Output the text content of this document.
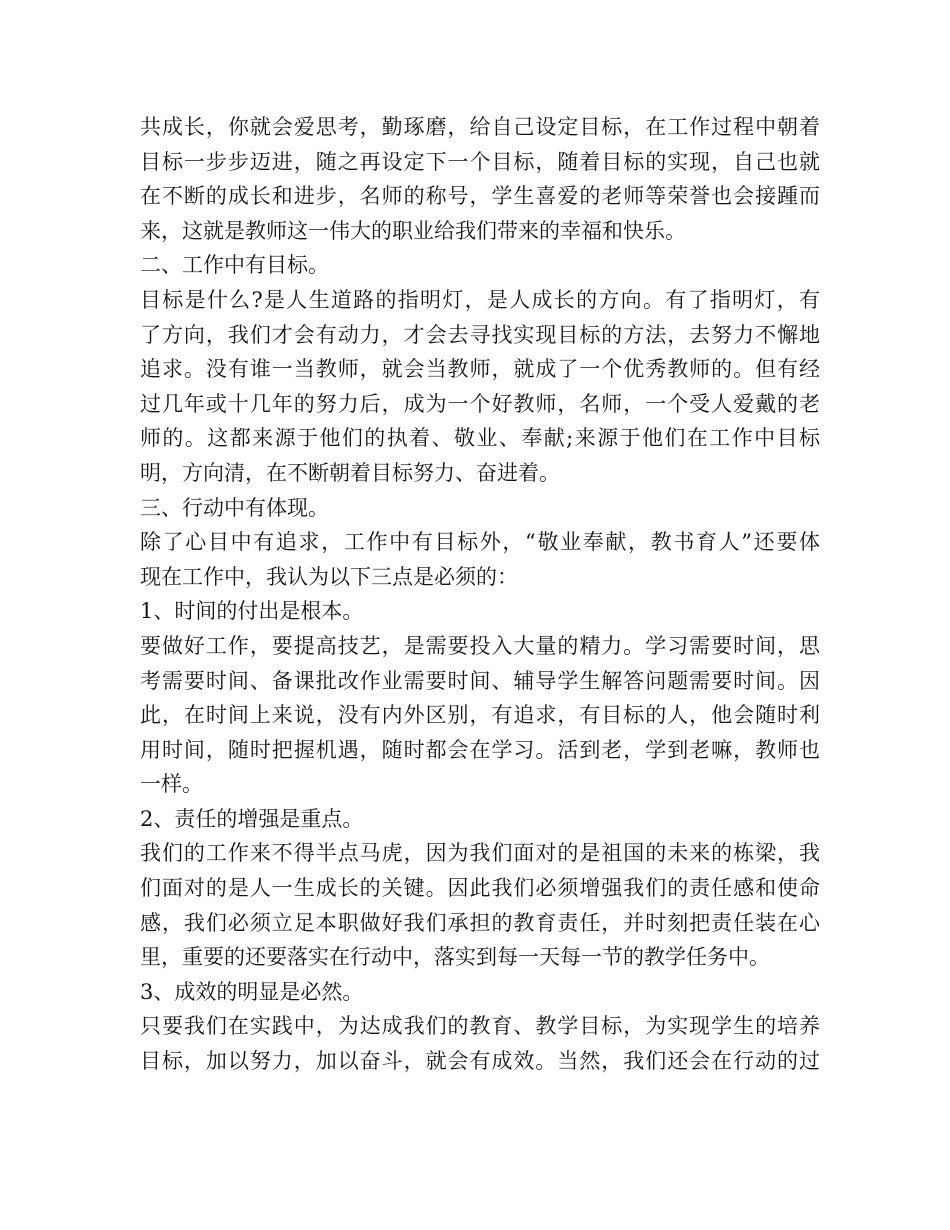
共成长，你就会爱思考，勤琢磨，给自己设定目标，在工作过程中朝着
目标一步步迈进，随之再设定下一个目标，随着目标的实现，自己也就
在不断的成长和进步，名师的称号，学生喜爱的老师等荣誉也会接踵而
来，这就是教师这一伟大的职业给我们带来的幸福和快乐。
二、工作中有目标。
目标是什么?是人生道路的指明灯，是人成长的方向。有了指明灯，有
了方向，我们才会有动力，才会去寻找实现目标的方法，去努力不懈地
追求。没有谁一当教师，就会当教师，就成了一个优秀教师的。但有经
过几年或十几年的努力后，成为一个好教师，名师，一个受人爱戴的老
师的。这都来源于他们的执着、敬业、奉献;来源于他们在工作中目标
明，方向清，在不断朝着目标努力、奋进着。
三、行动中有体现。
除了心目中有追求，工作中有目标外，“敬业奉献，教书育人”还要体
现在工作中，我认为以下三点是必须的：
1、时间的付出是根本。
要做好工作，要提高技艺，是需要投入大量的精力。学习需要时间，思
考需要时间、备课批改作业需要时间、辅导学生解答问题需要时间。因
此，在时间上来说，没有内外区别，有追求，有目标的人，他会随时利
用时间，随时把握机遇，随时都会在学习。活到老，学到老嘛，教师也
一样。
2、责任的增强是重点。
我们的工作来不得半点马虎，因为我们面对的是祖国的未来的栋梁，我
们面对的是人一生成长的关键。因此我们必须增强我们的责任感和使命
感，我们必须立足本职做好我们承担的教育责任，并时刻把责任装在心
里，重要的还要落实在行动中，落实到每一天每一节的教学任务中。
3、成效的明显是必然。
只要我们在实践中，为达成我们的教育、教学目标，为实现学生的培养
目标，加以努力，加以奋斗，就会有成效。当然，我们还会在行动的过
